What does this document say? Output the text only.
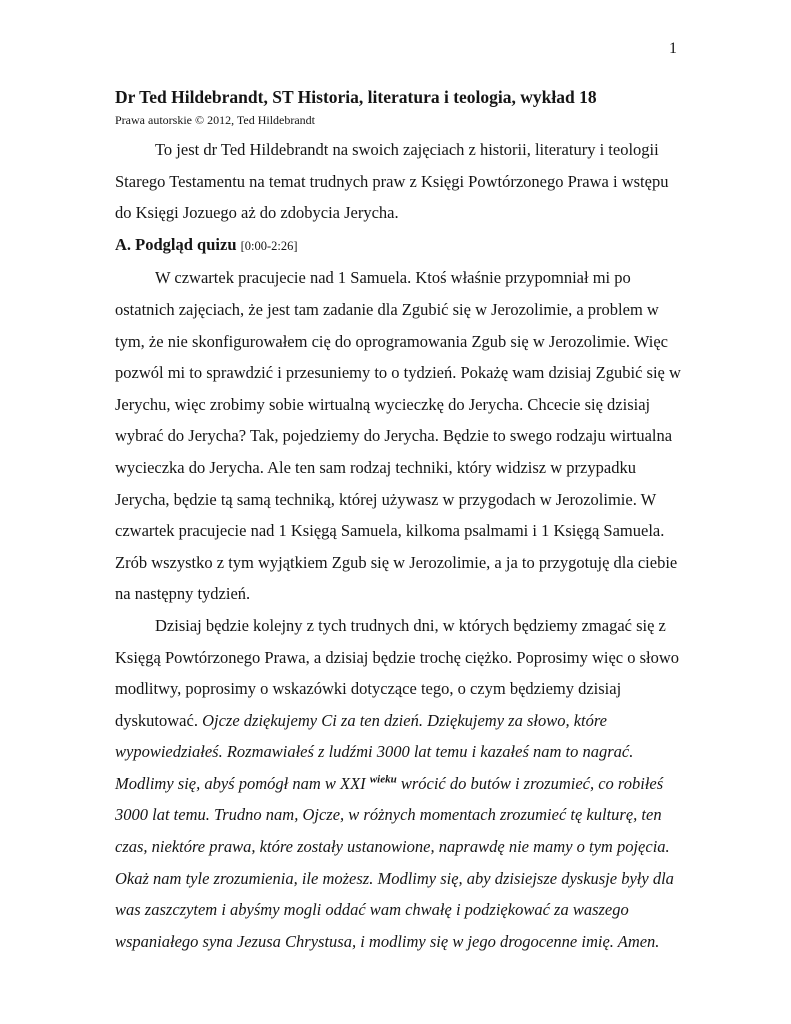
1
Dr Ted Hildebrandt, ST Historia, literatura i teologia, wykład 18
Prawa autorskie © 2012, Ted Hildebrandt

To jest dr Ted Hildebrandt na swoich zajęciach z historii, literatury i teologii Starego Testamentu na temat trudnych praw z Księgi Powtórzonego Prawa i wstępu do Księgi Jozuego aż do zdobycia Jerycha.

A. Podgląd quizu [0:00-2:26]

W czwartek pracujecie nad 1 Samuela. Ktoś właśnie przypomniał mi po ostatnich zajęciach, że jest tam zadanie dla Zgubić się w Jerozolimie, a problem w tym, że nie skonfigurowałem cię do oprogramowania Zgub się w Jerozolimie. Więc pozwól mi to sprawdzić i przesuniemy to o tydzień. Pokażę wam dzisiaj Zgubić się w Jerychu, więc zrobimy sobie wirtualną wycieczkę do Jerycha. Chcecie się dzisiaj wybrać do Jerycha? Tak, pojedziemy do Jerycha. Będzie to swego rodzaju wirtualna wycieczka do Jerycha. Ale ten sam rodzaj techniki, który widzisz w przypadku Jerycha, będzie tą samą techniką, której używasz w przygodach w Jerozolimie. W czwartek pracujecie nad 1 Księgą Samuela, kilkoma psalmami i 1 Księgą Samuela. Zrób wszystko z tym wyjątkiem Zgub się w Jerozolimie, a ja to przygotuję dla ciebie na następny tydzień.

Dzisiaj będzie kolejny z tych trudnych dni, w których będziemy zmagać się z Księgą Powtórzonego Prawa, a dzisiaj będzie trochę ciężko. Poprosimy więc o słowo modlitwy, poprosimy o wskazówki dotyczące tego, o czym będziemy dzisiaj dyskutować. Ojcze dziękujemy Ci za ten dzień. Dziękujemy za słowo, które wypowiedziałeś. Rozmawiałeś z ludźmi 3000 lat temu i kazałeś nam to nagrać. Modlimy się, abyś pomógł nam w XXI $^{wieku}$ wrócić do butów i zrozumieć, co robiłeś 3000 lat temu. Trudno nam, Ojcze, w różnych momentach zrozumieć tę kulturę, ten czas, niektóre prawa, które zostały ustanowione, naprawdę nie mamy o tym pojęcia. Okaż nam tyle zrozumienia, ile możesz. Modlimy się, aby dzisiejsze dyskusje były dla was zaszczytem i abyśmy mogli oddać wam chwałę i podziękować za waszego wspaniałego syna Jezusa Chrystusa, i modlimy się w jego drogocenne imię. Amen.
